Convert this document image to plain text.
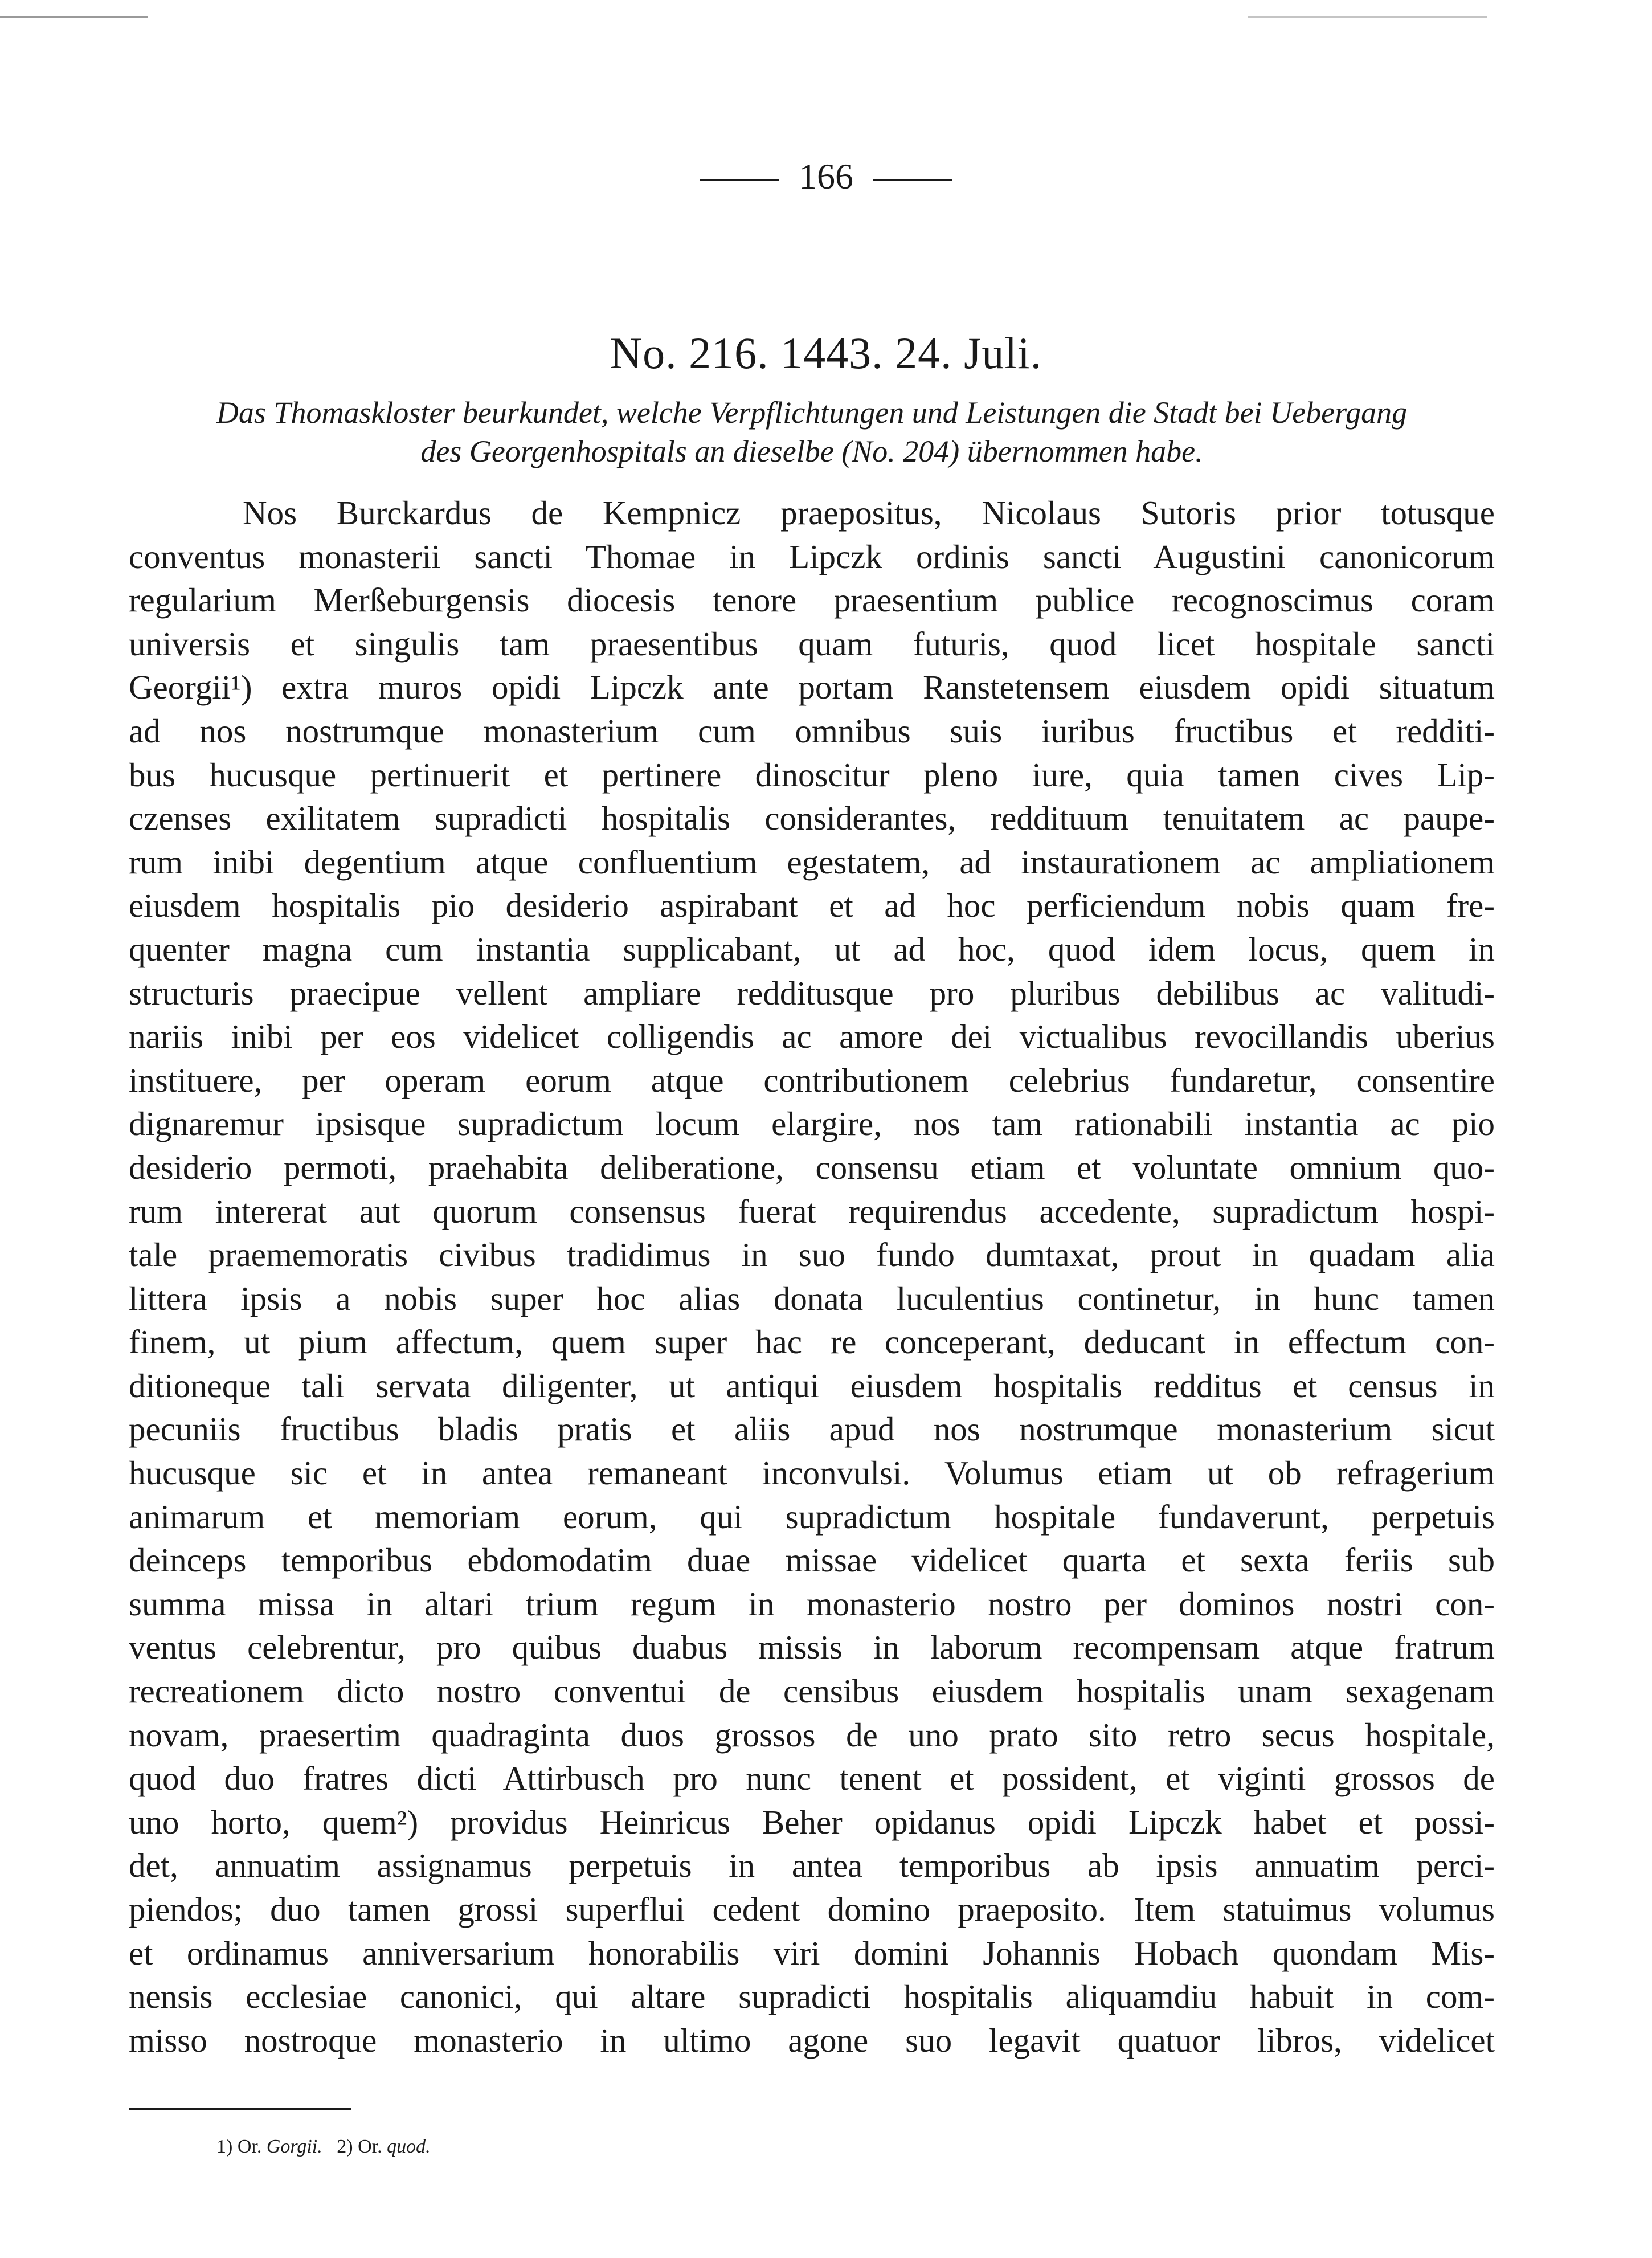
166
No. 216. 1443. 24. Juli.
Das Thomaskloster beurkundet, welche Verpflichtungen und Leistungen die Stadt bei Uebergang
des Georgenhospitals an dieselbe (No. 204) übernommen habe.
Nos Burckardus de Kempnicz praepositus, Nicolaus Sutoris prior totusque
conventus monasterii sancti Thomae in Lipczk ordinis sancti Augustini canonicorum
regularium Merßeburgensis diocesis tenore praesentium publice recognoscimus coram
universis et singulis tam praesentibus quam futuris, quod licet hospitale sancti
Georgii¹) extra muros opidi Lipczk ante portam Ranstetensem eiusdem opidi situatum
ad nos nostrumque monasterium cum omnibus suis iuribus fructibus et redditi-
bus hucusque pertinuerit et pertinere dinoscitur pleno iure, quia tamen cives Lip-
czenses exilitatem supradicti hospitalis considerantes, reddituum tenuitatem ac paupe-
rum inibi degentium atque confluentium egestatem, ad instaurationem ac ampliationem
eiusdem hospitalis pio desiderio aspirabant et ad hoc perficiendum nobis quam fre-
quenter magna cum instantia supplicabant, ut ad hoc, quod idem locus, quem in
structuris praecipue vellent ampliare redditusque pro pluribus debilibus ac valitudi-
nariis inibi per eos videlicet colligendis ac amore dei victualibus revocillandis uberius
instituere, per operam eorum atque contributionem celebrius fundaretur, consentire
dignaremur ipsisque supradictum locum elargire, nos tam rationabili instantia ac pio
desiderio permoti, praehabita deliberatione, consensu etiam et voluntate omnium quo-
rum intererat aut quorum consensus fuerat requirendus accedente, supradictum hospi-
tale praememoratis civibus tradidimus in suo fundo dumtaxat, prout in quadam alia
littera ipsis a nobis super hoc alias donata luculentius continetur, in hunc tamen
finem, ut pium affectum, quem super hac re conceperant, deducant in effectum con-
ditioneque tali servata diligenter, ut antiqui eiusdem hospitalis redditus et census in
pecuniis fructibus bladis pratis et aliis apud nos nostrumque monasterium sicut
hucusque sic et in antea remaneant inconvulsi. Volumus etiam ut ob refragerium
animarum et memoriam eorum, qui supradictum hospitale fundaverunt, perpetuis
deinceps temporibus ebdomodatim duae missae videlicet quarta et sexta feriis sub
summa missa in altari trium regum in monasterio nostro per dominos nostri con-
ventus celebrentur, pro quibus duabus missis in laborum recompensam atque fratrum
recreationem dicto nostro conventui de censibus eiusdem hospitalis unam sexagenam
novam, praesertim quadraginta duos grossos de uno prato sito retro secus hospitale,
quod duo fratres dicti Attirbusch pro nunc tenent et possident, et viginti grossos de
uno horto, quem²) providus Heinricus Beher opidanus opidi Lipczk habet et possi-
det, annuatim assignamus perpetuis in antea temporibus ab ipsis annuatim perci-
piendos; duo tamen grossi superflui cedent domino praeposito. Item statuimus volumus
et ordinamus anniversarium honorabilis viri domini Johannis Hobach quondam Mis-
nensis ecclesiae canonici, qui altare supradicti hospitalis aliquamdiu habuit in com-
misso nostroque monasterio in ultimo agone suo legavit quatuor libros, videlicet
1) Or. Gorgii. 2) Or. quod.
